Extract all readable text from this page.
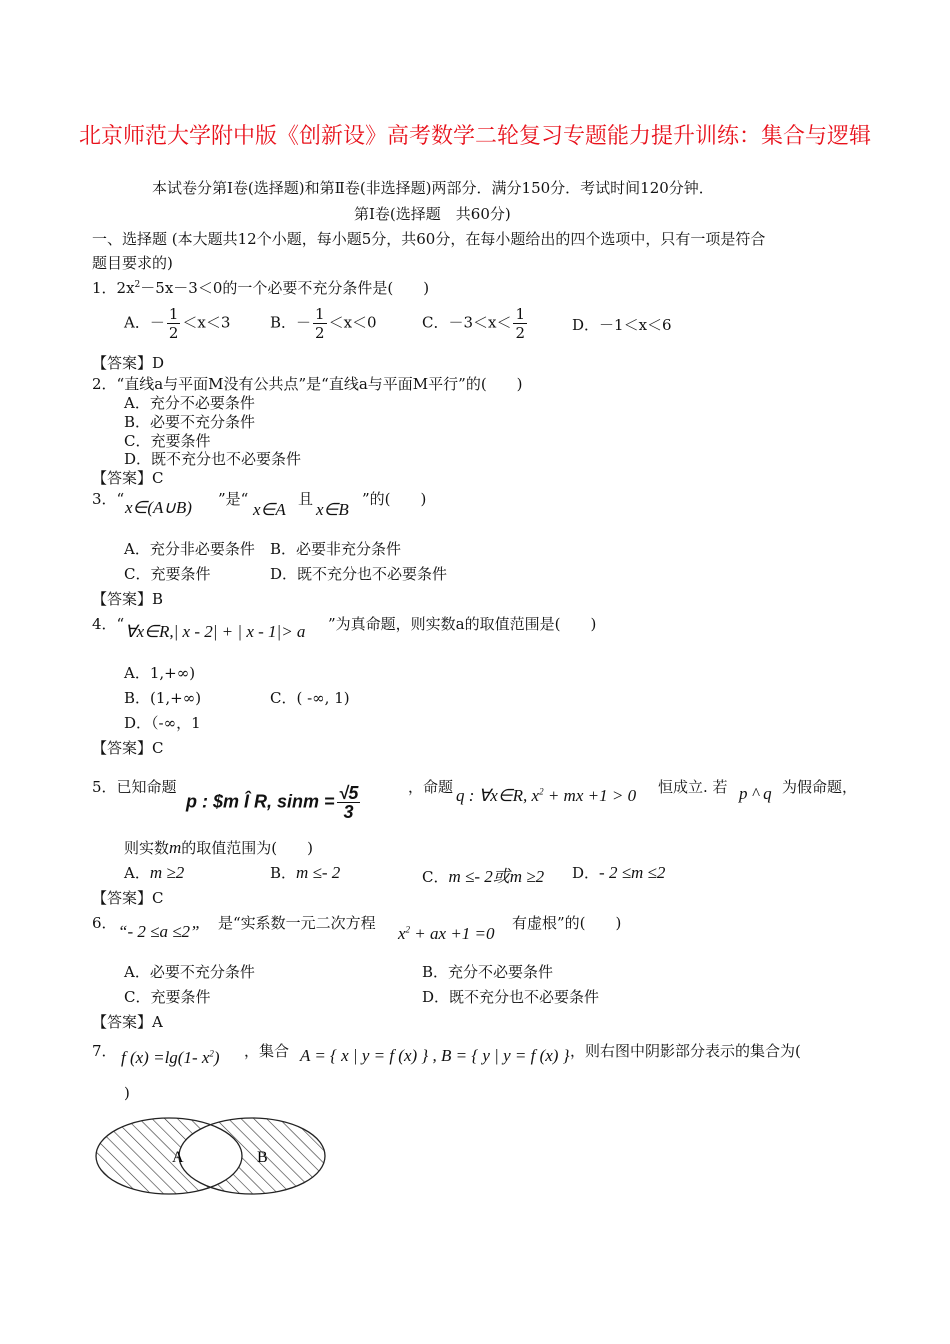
北京师范大学附中版《创新设》高考数学二轮复习专题能力提升训练：集合与逻辑
本试卷分第Ⅰ卷(选择题)和第Ⅱ卷(非选择题)两部分．满分150分．考试时间120分钟．
第Ⅰ卷(选择题　共60分)
一、选择题 (本大题共12个小题，每小题5分，共60分，在每小题给出的四个选项中，只有一项是符合
题目要求的)
1．$2x^2-5x-3<0$的一个必要不充分条件是(　　)
A．－ $\frac{1}{2} <x<3$	B．－ $\frac{1}{2} <x<0$	C．$-3<x< \frac{1}{2}$	D．－1＜x＜6
【答案】D
2．“直线a与平面M没有公共点”是“直线a与平面M平行”的(　　)
A．充分不必要条件
B．必要不充分条件
C．充要条件
D．既不充分也不必要条件
【答案】C
3．“ x∈(A∪B) ”是“
x∈A
且
x∈B
”的(　　)
A．充分非必要条件 B．必要非充分条件
C．充要条件	D．既不充分也不必要条件
【答案】B
4．“ ∀x∈R,| x - 2| + | x - 1|> a ”为真命题，则实数a的取值范围是(　　)
A．1,+∞)
B．(1,+∞)	C．( -∞, 1)
D．（-∞，1
【答案】C
5．已知命题
p : $m Î R, $\sin m = \frac{√5}{3}$	，命题 q : ∀x∈R, $x^2$ + mx +1 > 0 恒成立. 若 p ^ q 为假命题，
则实数m的取值范围为(　　)
A．m ≥2	B．m ≤- 2	C．m ≤- 2或m ≥2 D．- 2 ≤m ≤2
【答案】C
6． “- 2 ≤a ≤2” 是“实系数一元二次方程
$x^2$ + ax +1 =0
有虚根”的(　　)
A．必要不充分条件	B．充分不必要条件
C．充要条件	D．既不充分也不必要条件
【答案】A
7． f (x) =lg(1- $x^2$) ，集合 A = { x | y = f (x) } , B = { y | y = f (x) } ，则右图中阴影部分表示的集合为(
)
A	B
